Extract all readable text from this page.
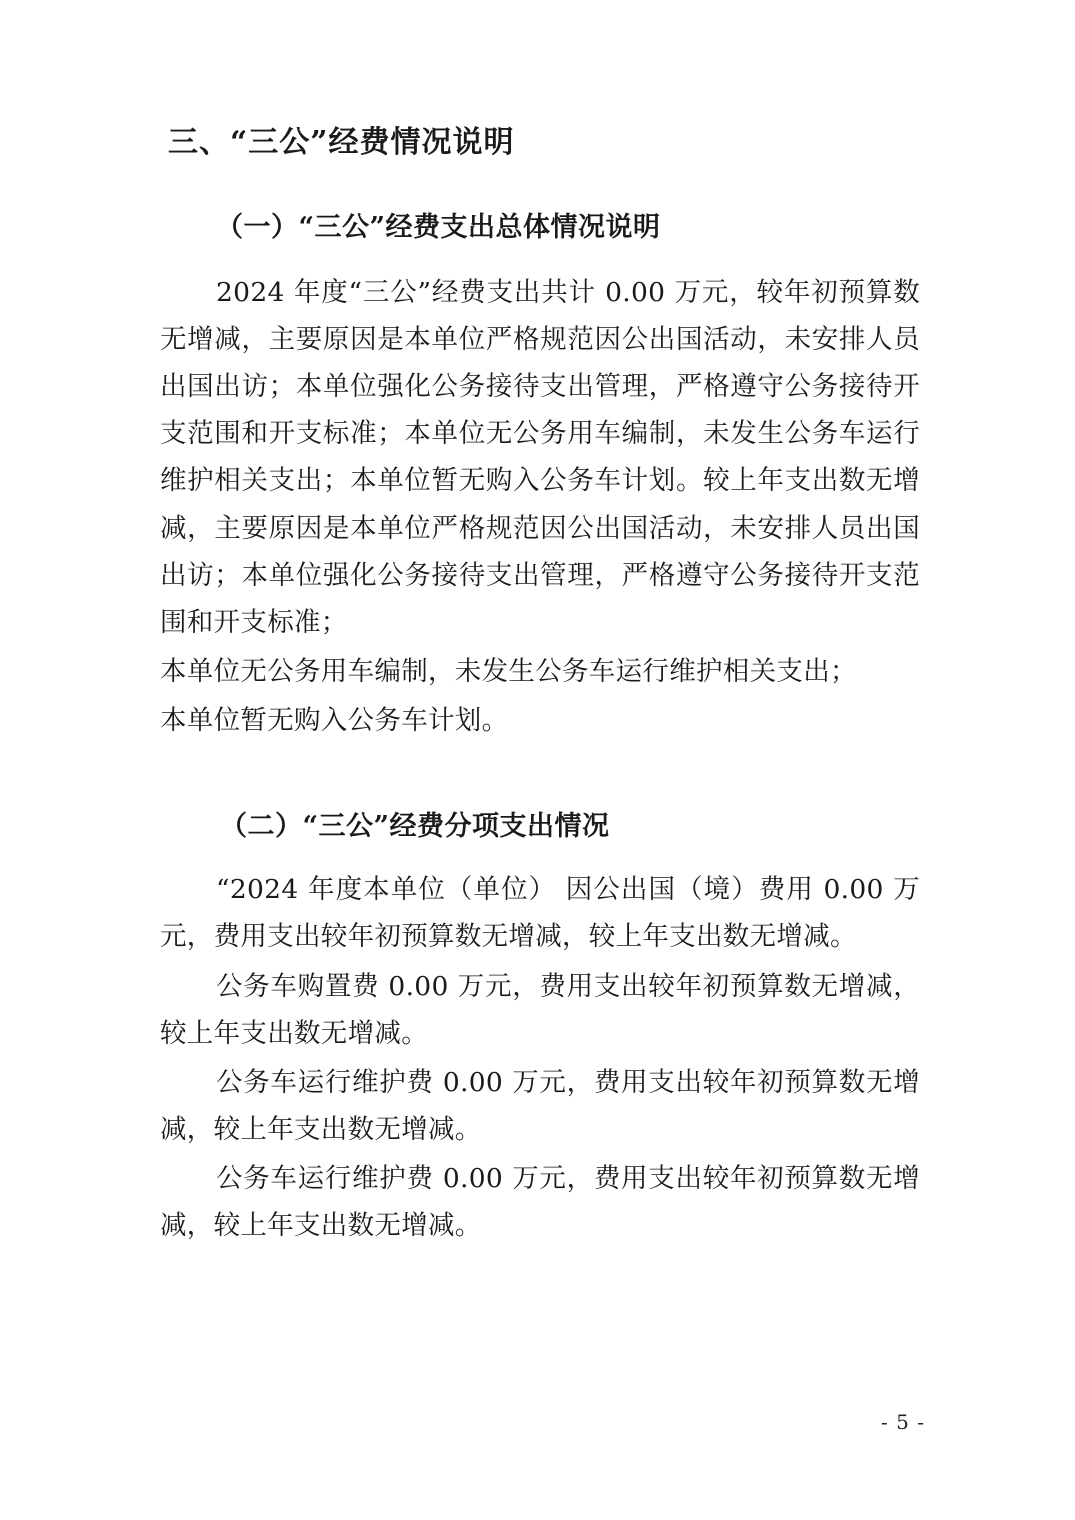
三、“三公”经费情况说明
（一）“三公”经费支出总体情况说明

2024 年度“三公”经费支出共计 0.00 万元，较年初预算数无增减，主要原因是本单位严格规范因公出国活动，未安排人员出国出访；本单位强化公务接待支出管理，严格遵守公务接待开支范围和开支标准；本单位无公务用车编制，未发生公务车运行维护相关支出；本单位暂无购入公务车计划。较上年支出数无增减，主要原因是本单位严格规范因公出国活动，未安排人员出国出访；本单位强化公务接待支出管理，严格遵守公务接待开支范围和开支标准；

本单位无公务用车编制，未发生公务车运行维护相关支出；

本单位暂无购入公务车计划。

（二）“三公”经费分项支出情况

“2024 年度本单位（单位） 因公出国（境）费用 0.00 万元，费用支出较年初预算数无增减，较上年支出数无增减。

公务车购置费 0.00 万元，费用支出较年初预算数无增减，较上年支出数无增减。

公务车运行维护费 0.00 万元，费用支出较年初预算数无增减，较上年支出数无增减。

公务车运行维护费 0.00 万元，费用支出较年初预算数无增减，较上年支出数无增减。

- 5 -
